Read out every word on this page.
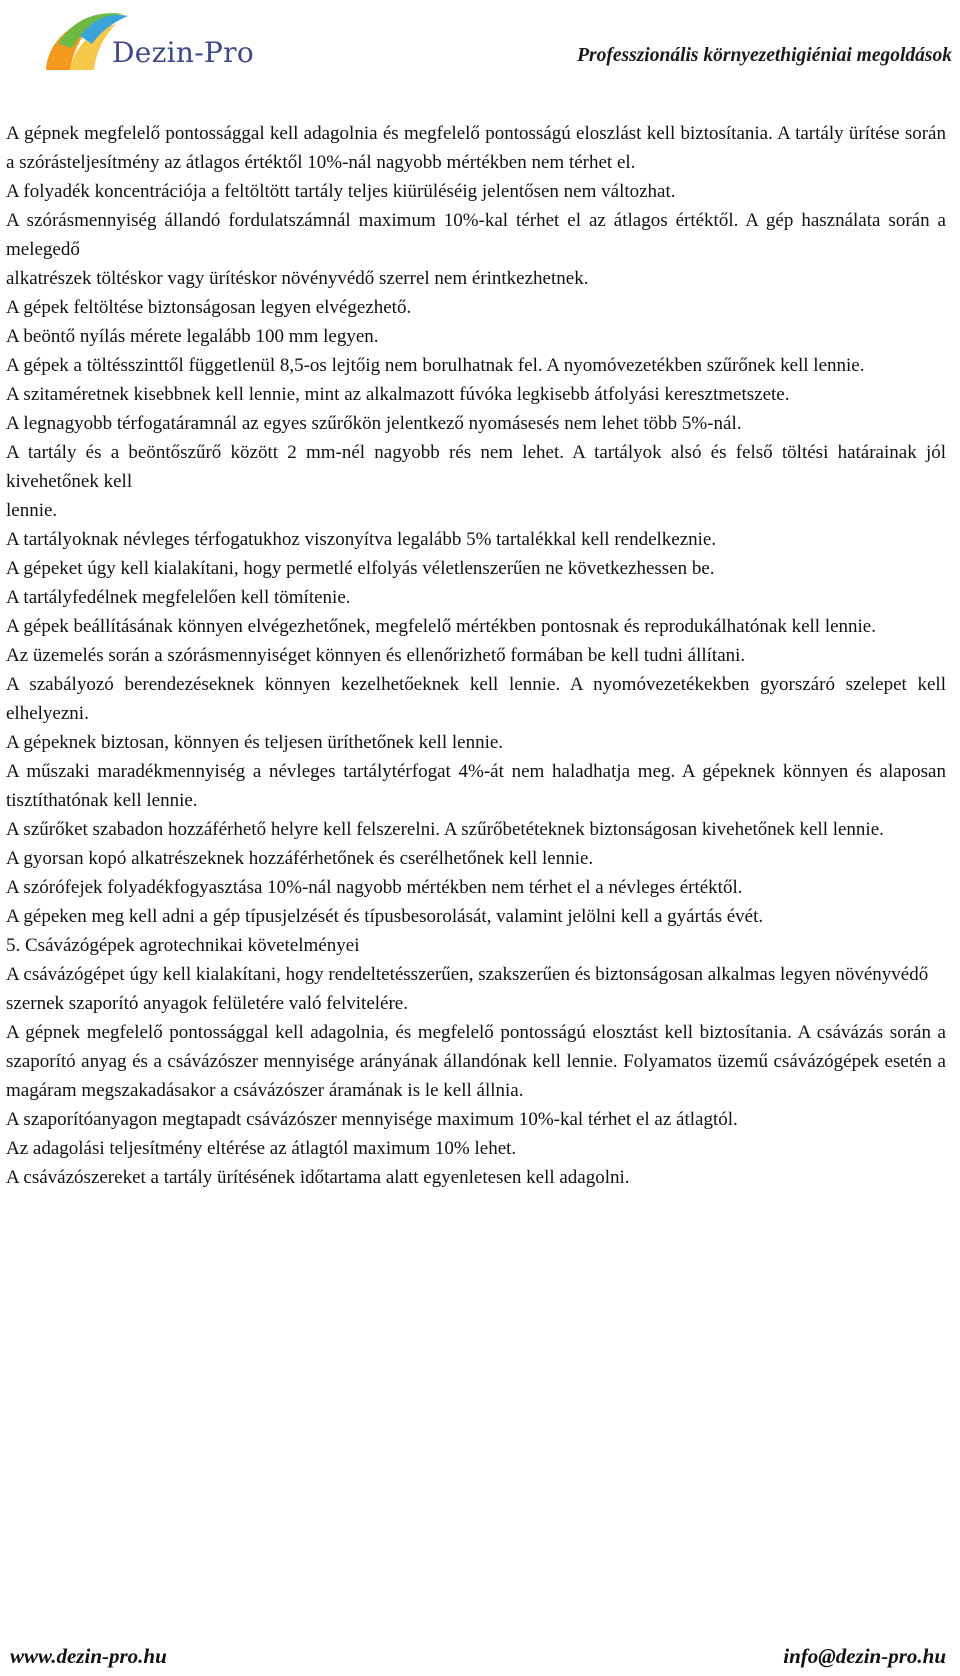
Dezin-Pro	Professzionális környezethigiéniai megoldások

A gépnek megfelelő pontossággal kell adagolnia és megfelelő pontosságú eloszlást kell biztosítania. A tartály ürítése során a szórásteljesítmény az átlagos értéktől 10%-nál nagyobb mértékben nem térhet el.

A folyadék koncentrációja a feltöltött tartály teljes kiürüléséig jelentősen nem változhat.

A szórásmennyiség állandó fordulatszámnál maximum 10%-kal térhet el az átlagos értéktől. A gép használata során a melegedő

alkatrészek töltéskor vagy ürítéskor növényvédő szerrel nem érintkezhetnek.

A gépek feltöltése biztonságosan legyen elvégezhető.

A beöntő nyílás mérete legalább 100 mm legyen.

A gépek a töltésszinttől függetlenül 8,5-os lejtőig nem borulhatnak fel. A nyomóvezetékben szűrőnek kell lennie.

A szitaméretnek kisebbnek kell lennie, mint az alkalmazott fúvóka legkisebb átfolyási keresztmetszete.

A legnagyobb térfogatáramnál az egyes szűrőkön jelentkező nyomásesés nem lehet több 5%-nál.

A tartály és a beöntőszűrő között 2 mm-nél nagyobb rés nem lehet. A tartályok alsó és felső töltési határainak jól kivehetőnek kell

lennie.

A tartályoknak névleges térfogatukhoz viszonyítva legalább 5% tartalékkal kell rendelkeznie.

A gépeket úgy kell kialakítani, hogy permetlé elfolyás véletlenszerűen ne következhessen be.

A tartályfedélnek megfelelően kell tömítenie.

A gépek beállításának könnyen elvégezhetőnek, megfelelő mértékben pontosnak és reprodukálhatónak kell lennie.

Az üzemelés során a szórásmennyiséget könnyen és ellenőrizhető formában be kell tudni állítani.

A szabályozó berendezéseknek könnyen kezelhetőeknek kell lennie. A nyomóvezetékekben gyorszáró szelepet kell elhelyezni.

A gépeknek biztosan, könnyen és teljesen üríthetőnek kell lennie.

A műszaki maradékmennyiség a névleges tartálytérfogat 4%-át nem haladhatja meg. A gépeknek könnyen és alaposan tisztíthatónak kell lennie.

A szűrőket szabadon hozzáférhető helyre kell felszerelni. A szűrőbetéteknek biztonságosan kivehetőnek kell lennie.

A gyorsan kopó alkatrészeknek hozzáférhetőnek és cserélhetőnek kell lennie.

A szórófejek folyadékfogyasztása 10%-nál nagyobb mértékben nem térhet el a névleges értéktől.

A gépeken meg kell adni a gép típusjelzését és típusbesorolását, valamint jelölni kell a gyártás évét.

5. Csávázógépek agrotechnikai követelményei

A csávázógépet úgy kell kialakítani, hogy rendeltetésszerűen, szakszerűen és biztonságosan alkalmas legyen növényvédő

szernek szaporító anyagok felületére való felvitelére.

A gépnek megfelelő pontossággal kell adagolnia, és megfelelő pontosságú elosztást kell biztosítania. A csávázás során a szaporító anyag és a csávázószer mennyisége arányának állandónak kell lennie. Folyamatos üzemű csávázógépek esetén a magáram megszakadásakor a csávázószer áramának is le kell állnia.

A szaporítóanyagon megtapadt csávázószer mennyisége maximum 10%-kal térhet el az átlagtól.

Az adagolási teljesítmény eltérése az átlagtól maximum 10% lehet.

A csávázószereket a tartály ürítésének időtartama alatt egyenletesen kell adagolni.

www.dezin-pro.hu	info@dezin-pro.hu
